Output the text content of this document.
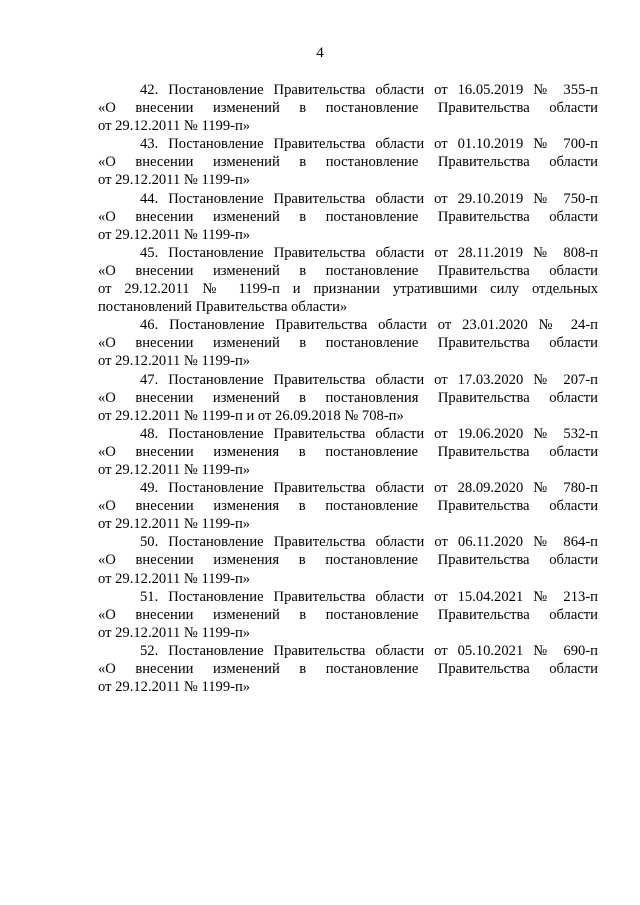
4
42. Постановление Правительства области от 16.05.2019 № 355-п
«О внесении изменений в постановление Правительства области
от 29.12.2011 № 1199-п»
43. Постановление Правительства области от 01.10.2019 № 700-п
«О внесении изменений в постановление Правительства области
от 29.12.2011 № 1199-п»
44. Постановление Правительства области от 29.10.2019 № 750-п
«О внесении изменений в постановление Правительства области
от 29.12.2011 № 1199-п»
45. Постановление Правительства области от 28.11.2019 № 808-п
«О внесении изменений в постановление Правительства области
от 29.12.2011 № 1199-п и признании утратившими силу отдельных
постановлений Правительства области»
46. Постановление Правительства области от 23.01.2020 № 24-п
«О внесении изменений в постановление Правительства области
от 29.12.2011 № 1199-п»
47. Постановление Правительства области от 17.03.2020 № 207-п
«О внесении изменений в постановления Правительства области
от 29.12.2011 № 1199-п и от 26.09.2018 № 708-п»
48. Постановление Правительства области от 19.06.2020 № 532-п
«О внесении изменения в постановление Правительства области
от 29.12.2011 № 1199-п»
49. Постановление Правительства области от 28.09.2020 № 780-п
«О внесении изменения в постановление Правительства области
от 29.12.2011 № 1199-п»
50. Постановление Правительства области от 06.11.2020 № 864-п
«О внесении изменения в постановление Правительства области
от 29.12.2011 № 1199-п»
51. Постановление Правительства области от 15.04.2021 № 213-п
«О внесении изменений в постановление Правительства области
от 29.12.2011 № 1199-п»
52. Постановление Правительства области от 05.10.2021 № 690-п
«О внесении изменений в постановление Правительства области
от 29.12.2011 № 1199-п»
